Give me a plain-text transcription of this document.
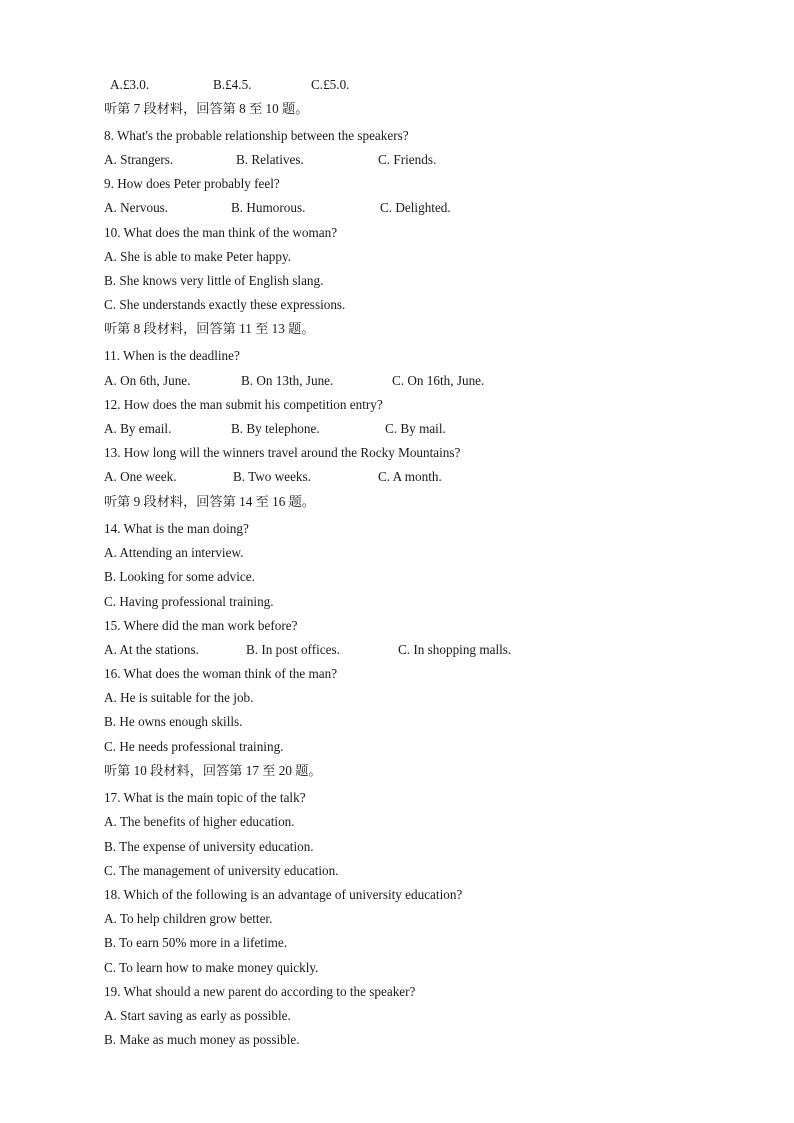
A.£3.0.	B.£4.5.	C.£5.0.
听第 7 段材料，回答第 8 至 10 题。
8. What's the probable relationship between the speakers?
A. Strangers.	B. Relatives.	C. Friends.
9. How does Peter probably feel?
A. Nervous.	B. Humorous.	C. Delighted.
10. What does the man think of the woman?
A. She is able to make Peter happy.
B. She knows very little of English slang.
C. She understands exactly these expressions.
听第 8 段材料，回答第 11 至 13 题。
11. When is the deadline?
A. On 6th, June.	B. On 13th, June.	C. On 16th, June.
12. How does the man submit his competition entry?
A. By email.	B. By telephone.	C. By mail.
13. How long will the winners travel around the Rocky Mountains?
A. One week.	B. Two weeks.	C. A month.
听第 9 段材料，回答第 14 至 16 题。
14. What is the man doing?
A. Attending an interview.
B. Looking for some advice.
C. Having professional training.
15. Where did the man work before?
A. At the stations.	B. In post offices.	C. In shopping malls.
16. What does the woman think of the man?
A. He is suitable for the job.
B. He owns enough skills.
C. He needs professional training.
听第 10 段材料，回答第 17 至 20 题。
17. What is the main topic of the talk?
A. The benefits of higher education.
B. The expense of university education.
C. The management of university education.
18. Which of the following is an advantage of university education?
A. To help children grow better.
B. To earn 50% more in a lifetime.
C. To learn how to make money quickly.
19. What should a new parent do according to the speaker?
A. Start saving as early as possible.
B. Make as much money as possible.
